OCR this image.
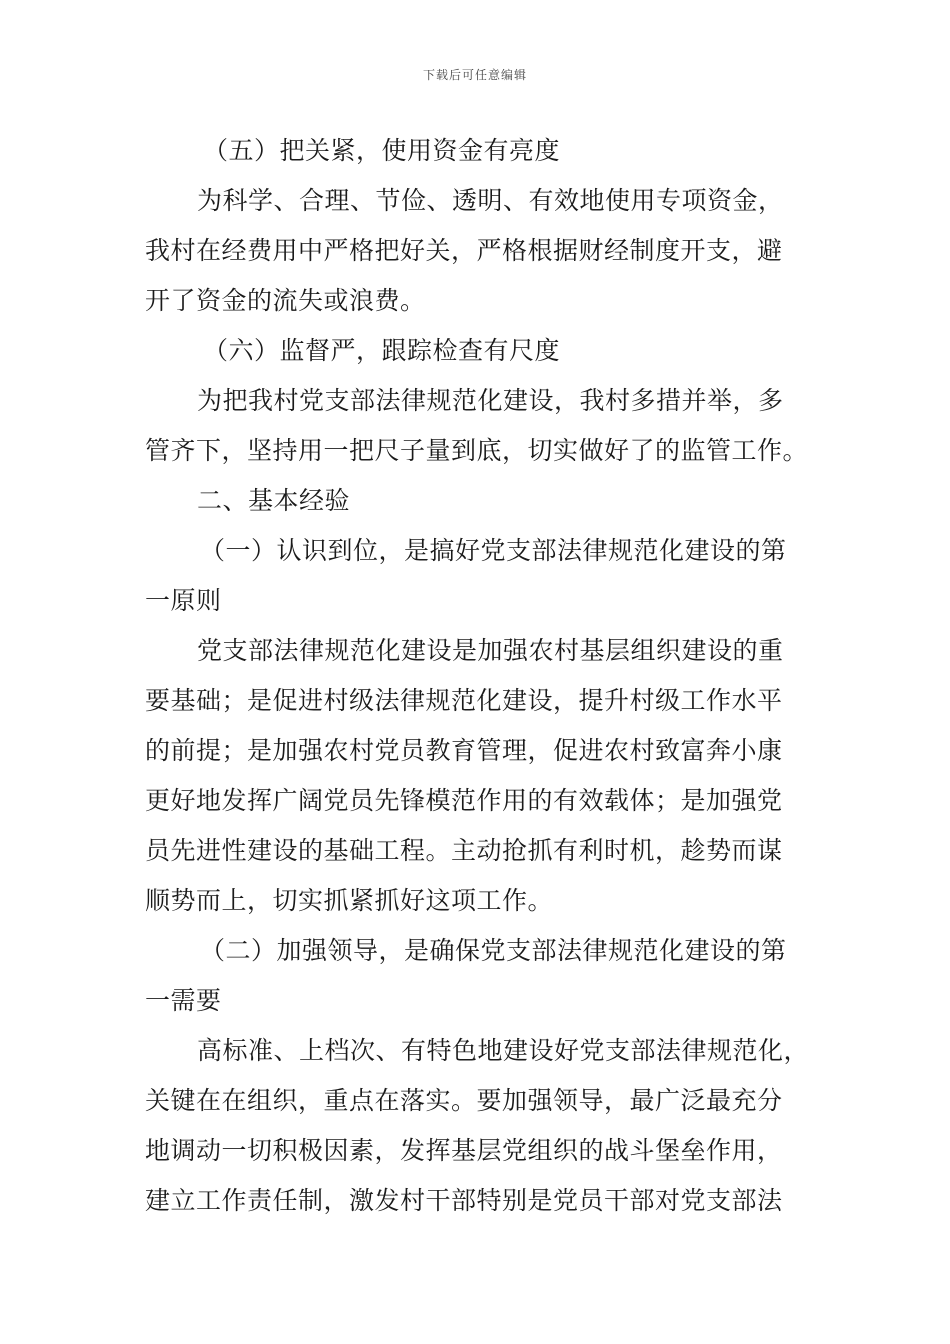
下载后可任意编辑
（五）把关紧，使用资金有亮度
为科学、合理、节俭、透明、有效地使用专项资金，
我村在经费用中严格把好关，严格根据财经制度开支，避
开了资金的流失或浪费。
（六）监督严，跟踪检查有尺度
为把我村党支部法律规范化建设，我村多措并举，多
管齐下，坚持用一把尺子量到底，切实做好了的监管工作。
二、基本经验
（一）认识到位，是搞好党支部法律规范化建设的第
一原则
党支部法律规范化建设是加强农村基层组织建设的重
要基础；是促进村级法律规范化建设，提升村级工作水平
的前提；是加强农村党员教育管理，促进农村致富奔小康
更好地发挥广阔党员先锋模范作用的有效载体；是加强党
员先进性建设的基础工程。主动抢抓有利时机，趁势而谋
顺势而上，切实抓紧抓好这项工作。
（二）加强领导，是确保党支部法律规范化建设的第
一需要
高标准、上档次、有特色地建设好党支部法律规范化，
关键在在组织，重点在落实。要加强领导，最广泛最充分
地调动一切积极因素，发挥基层党组织的战斗堡垒作用，
建立工作责任制，激发村干部特别是党员干部对党支部法
